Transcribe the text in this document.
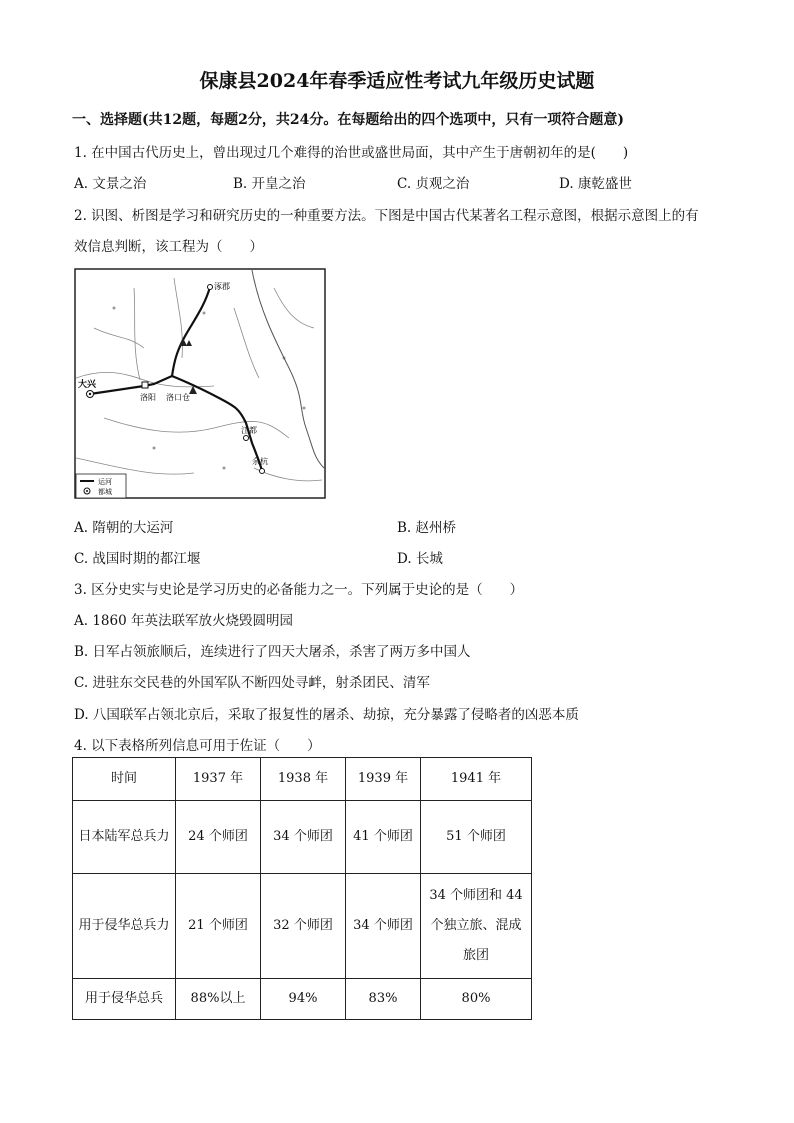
保康县2024年春季适应性考试九年级历史试题
一、选择题(共12题，每题2分，共24分。在每题给出的四个选项中，只有一项符合题意)
1. 在中国古代历史上，曾出现过几个难得的治世或盛世局面，其中产生于唐朝初年的是(　　)
A. 文景之治	B. 开皇之治	C. 贞观之治	D. 康乾盛世
2. 识图、析图是学习和研究历史的一种重要方法。下图是中国古代某著名工程示意图，根据示意图上的有
效信息判断，该工程为（　　）
涿郡
大兴
洛阳 洛口仓
江都
余杭
运河
都城
A. 隋朝的大运河	B. 赵州桥
C. 战国时期的都江堰	D. 长城
3. 区分史实与史论是学习历史的必备能力之一。下列属于史论的是（　　）
A. 1860 年英法联军放火烧毁圆明园
B. 日军占领旅顺后，连续进行了四天大屠杀，杀害了两万多中国人
C. 进驻东交民巷的外国军队不断四处寻衅，射杀团民、清军
D. 八国联军占领北京后，采取了报复性的屠杀、劫掠，充分暴露了侵略者的凶恶本质
4. 以下表格所列信息可用于佐证（　　）
时间	1937 年	1938 年	1939 年	1941 年
日本陆军总兵力	24 个师团	34 个师团	41 个师团	51 个师团
用于侵华总兵力	21 个师团	32 个师团	34 个师团	34 个师团和 44 个独立旅、混成旅团
用于侵华总兵	88%以上	94%	83%	80%
